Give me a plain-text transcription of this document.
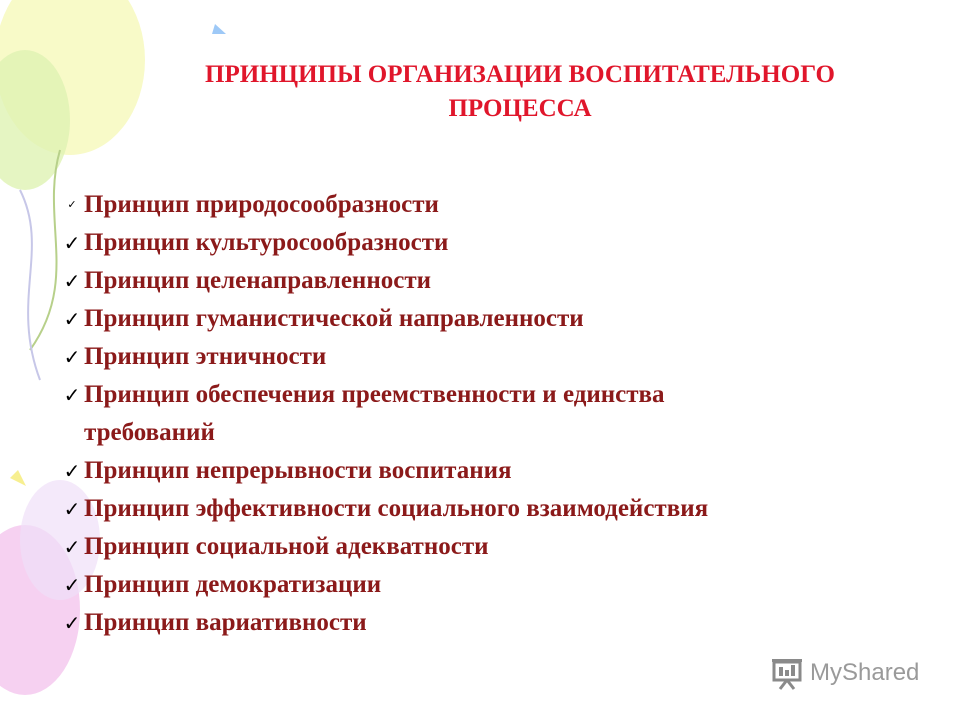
ПРИНЦИПЫ ОРГАНИЗАЦИИ ВОСПИТАТЕЛЬНОГО
ПРОЦЕССА
✓ Принцип природосообразности
✓ Принцип культуросообразности
✓ Принцип целенаправленности
✓ Принцип гуманистической направленности
✓ Принцип этничности
✓ Принцип обеспечения преемственности и единства
требований
✓ Принцип непрерывности воспитания
✓ Принцип эффективности социального взаимодействия
✓ Принцип социальной адекватности
✓ Принцип демократизации
✓ Принцип вариативности
MyShared
